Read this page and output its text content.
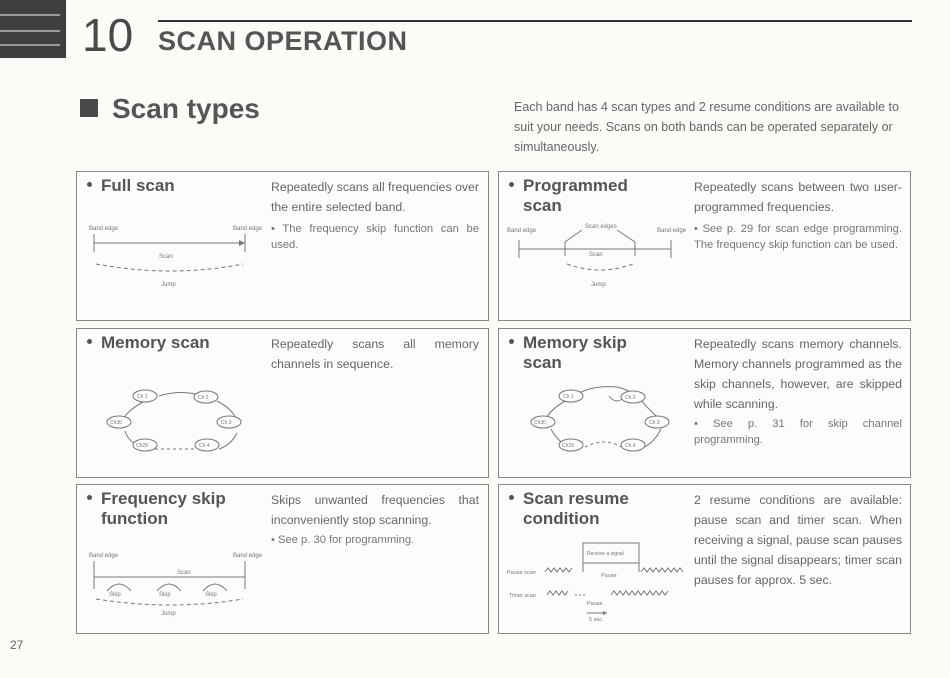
10 SCAN OPERATION
Scan types	Each band has 4 scan types and 2 resume conditions are available to suit your needs. Scans on both bands can be operated separately or simultaneously.
Full scan	Repeatedly scans all frequencies over the entire selected band.
• The frequency skip function can be used.
Band edge	Band edge
Scan
Jump
Programmed
scan
Repeatedly scans between two user-programmed frequencies.
• See p. 29 for scan edge programming. The frequency skip function can be used.
Band edge	Band edge
Scan edges
Scan
Jump
Memory scan	Repeatedly scans all memory channels in sequence.
Ch 1	Ch 2
Ch 3
Ch 4
Ch29
Ch30
Memory skip
scan
Repeatedly scans memory channels. Memory channels programmed as the skip channels, however, are skipped while scanning.
• See p. 31 for skip channel programming.
Ch 1	Ch 2
Ch 3
Ch 4
Ch29
Ch30
Frequency skip
function
Skips unwanted frequencies that inconveniently stop scanning.
• See p. 30 for programming.
Band edge	Band edge
Scan
Skip	Skip	Skip
Jump
Scan resume
condition
2 resume conditions are available: pause scan and timer scan. When receiving a signal, pause scan pauses until the signal disappears; timer scan pauses for approx. 5 sec.
Receive a signal
Pause scan	Pause
Timer scan
Pause
5 sec.
27
